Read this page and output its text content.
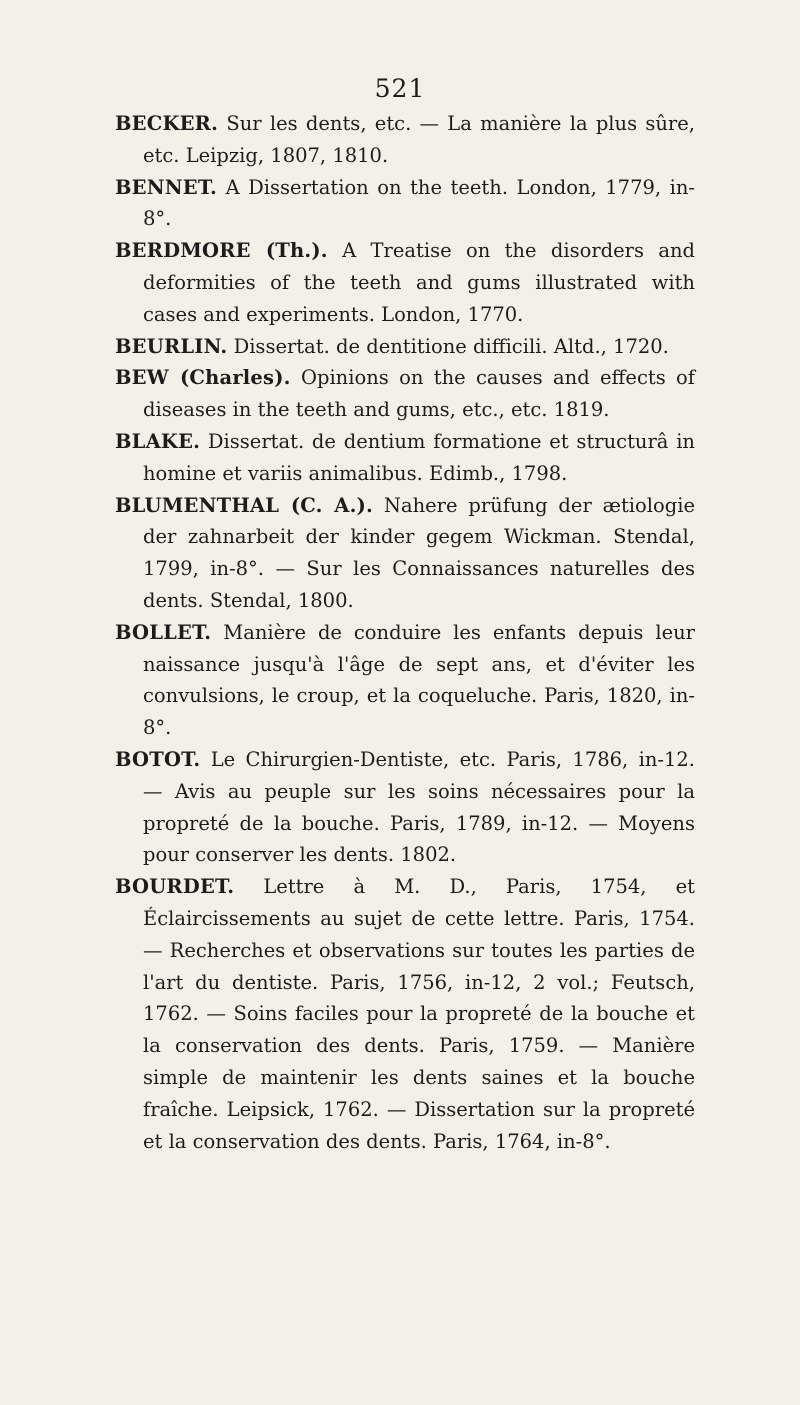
521

BECKER. Sur les dents, etc. — La manière la plus sûre, etc. Leipzig, 1807, 1810.

BENNET. A Dissertation on the teeth. London, 1779, in-8°.

BERDMORE (Th.). A Treatise on the disorders and deformities of the teeth and gums illustrated with cases and experiments. London, 1770.

BEURLIN. Dissertat. de dentitione difficili. Altd., 1720.

BEW (Charles). Opinions on the causes and effects of diseases in the teeth and gums, etc., etc. 1819.

BLAKE. Dissertat. de dentium formatione et structurâ in homine et variis animalibus. Edimb., 1798.

BLUMENTHAL (C. A.). Nahere prüfung der ætiologie der zahnarbeit der kinder gegem Wickman. Stendal, 1799, in-8°. — Sur les Connaissances naturelles des dents. Stendal, 1800.

BOLLET. Manière de conduire les enfants depuis leur naissance jusqu'à l'âge de sept ans, et d'éviter les convulsions, le croup, et la coqueluche. Paris, 1820, in-8°.

BOTOT. Le Chirurgien-Dentiste, etc. Paris, 1786, in-12. — Avis au peuple sur les soins nécessaires pour la propreté de la bouche. Paris, 1789, in-12. — Moyens pour conserver les dents. 1802.

BOURDET. Lettre à M. D., Paris, 1754, et Éclaircissements au sujet de cette lettre. Paris, 1754. — Recherches et observations sur toutes les parties de l'art du dentiste. Paris, 1756, in-12, 2 vol.; Feutsch, 1762. — Soins faciles pour la propreté de la bouche et la conservation des dents. Paris, 1759. — Manière simple de maintenir les dents saines et la bouche fraîche. Leipsick, 1762. — Dissertation sur la propreté et la conservation des dents. Paris, 1764, in-8°.
